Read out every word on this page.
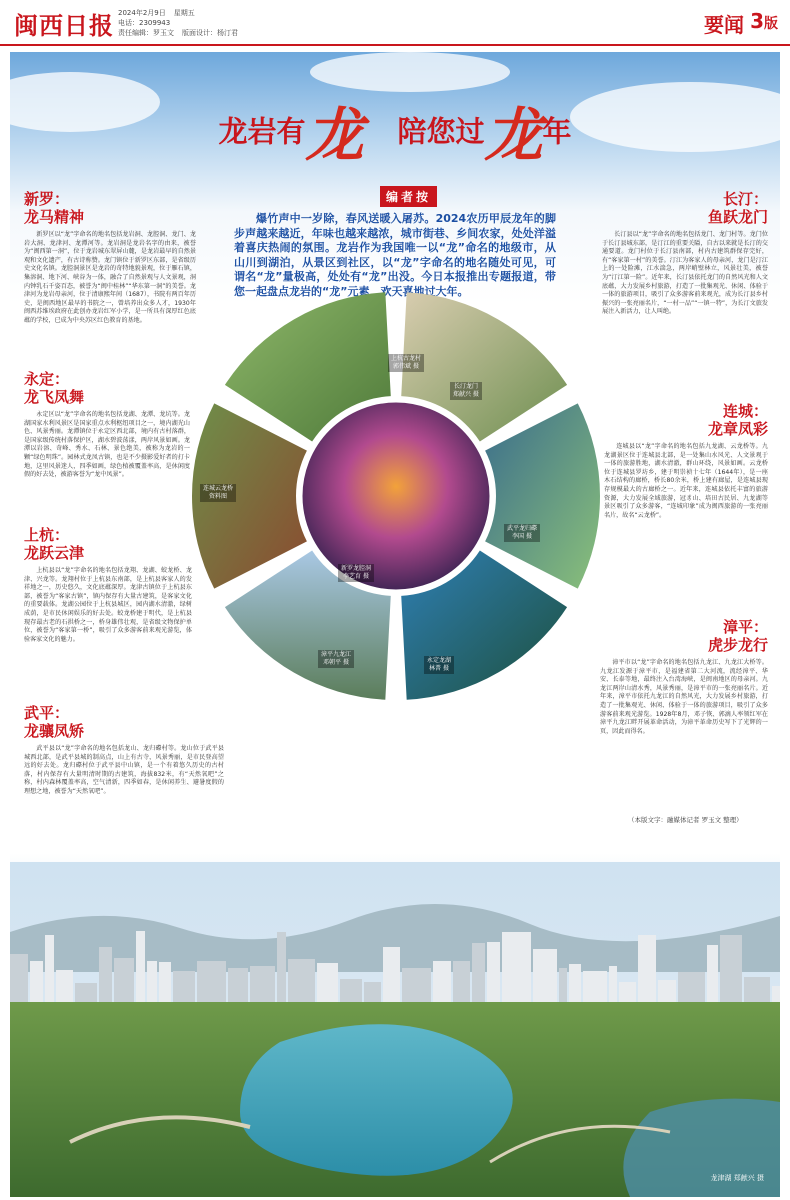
闽西日报 2024年2月9日 星期五
电话：2309943
责任编辑：罗玉文 版面设计：杨汀君	要闻 3版
龙岩有龙 陪您过龙年
编者按

爆竹声中一岁除，春风送暖入屠苏。2024农历甲辰龙年的脚步声越来越近，年味也越来越浓，城市街巷、乡间农家，处处洋溢着喜庆热闹的氛围。龙岩作为我国唯一以“龙”命名的地级市，从山川到湖泊，从景区到社区，以“龙”字命名的地名随处可见，可谓名“龙”量极高，处处有“龙”出没。今日本报推出专题报道，带您一起盘点龙岩的“龙”元素，欢天喜地过大年。

新罗：
龙马精神

新罗区以“龙”字命名的地名包括龙岩洞、龙腔洞、龙门、龙岩大洞、龙津河、龙潭河等。龙岩洞是龙岩名字的由来，被誉为“闽西第一洞”，位于龙岩城东翠屏山麓，是龙岩最早的自然景观和文化遗产，有古诗称赞。龙门镇位于新罗区东部，是省级历史文化名镇。龙腔洞景区是龙岩的奇特地貌景观，位于雁石镇，集溶洞、地下河、峡谷为一体，融合了自然景观与人文景观，洞内钟乳石千姿百态，被誉为“闽中桂林”“华东第一洞”的美誉。龙津河为龙岩母亲河，位于清康熙年间（1687），书院有两百年历史，是闽西地区最早的书院之一，曾培养出众多人才，1930年闽西苏维埃政府在此创办龙岩红军小学，是一所具有深厚红色底蕴的学校，已成为中央苏区红色教育的基地。

永定：
龙飞凤舞

永定区以“龙”字命名的地名包括龙湖、龙潭、龙坑等。龙湖国家水利风景区是国家重点水利枢纽项目之一，境内湖光山色、风景秀丽。龙潭镇位于永定区西北部，境内有古村落群，是国家级传统村落保护区，湖水碧波荡漾，两岸风景如画。龙潭以岩溶、奇峰、秀水、石林、景色绝美，被称为龙岩的一颗“绿色明珠”。园林式龙凤古镇，也是不少摄影爱好者的打卡地，这里风景迷人，四季如画，绿色植被覆盖率高，是休闲度假的好去处，被游客誉为“龙中凤景”。

上杭：
龙跃云津

上杭县以“龙”字命名的地名包括龙翔、龙湖、蛟龙桥、龙津、兴龙等。龙翔村位于上杭县东南部，是上杭县客家人的发祥地之一，历史悠久，文化底蕴深厚。龙津古镇位于上杭县东部，被誉为“客家古镇”，镇内保存有大量古建筑，是客家文化的重要载体。龙湖公园位于上杭县城区，园内湖水清澈，绿树成荫，是市民休闲娱乐的好去处。蛟龙桥建于明代，是上杭县现存最古老的石拱桥之一，桥身雄伟壮观，是省级文物保护单位，被誉为“客家第一桥”，吸引了众多游客前来观光游览，体验客家文化的魅力。

武平：
龙骧凤矫

武平县以“龙”字命名的地名包括龙山、龙归磜村等。龙山位于武平县城西北部，是武平县城的制高点，山上有古寺，风景秀丽，是市民登高望远的好去处。龙归磜村位于武平县中山镇，是一个有着悠久历史的古村落，村内保存有大量明清时期的古建筑，海拔832米，有“天然氧吧”之称，村内森林覆盖率高，空气清新，四季如春，是休闲养生、避暑度假的理想之地，被誉为“天然氧吧”。

长汀：
鱼跃龙门

长汀县以“龙”字命名的地名包括龙门、龙门村等。龙门位于长汀县城东部，是汀江的重要关隘，自古以来就是长汀的交通要道。龙门村位于长汀县南部，村内古建筑群保存完好，有“客家第一村”的美誉。汀江为客家人的母亲河，龙门是汀江上的一处险滩，江水湍急，两岸峭壁林立，风景壮美，被誉为“汀江第一险”。近年来，长汀县依托龙门的自然风光和人文底蕴，大力发展乡村旅游，打造了一批集观光、休闲、体验于一体的旅游项目，吸引了众多游客前来观光，成为长汀县乡村振兴的一张亮丽名片，“一村一品”“一镇一特”，为长汀文旅发展注入新活力，让人叫绝。

连城：
龙章凤彩

连城县以“龙”字命名的地名包括九龙湖、云龙桥等。九龙湖景区位于连城县北部，是一处集山水风光、人文景观于一体的旅游胜地，湖水清澈，群山环绕，风景如画。云龙桥位于连城县罗坊乡，建于明崇祯十七年（1644年），是一座木石结构的廊桥，桥长80余米，桥上建有廊屋，是连城县现存规模最大的古廊桥之一。近年来，连城县依托丰富的旅游资源，大力发展全域旅游，冠豸山、培田古民居、九龙湖等景区吸引了众多游客，“连城印象”成为闽西旅游的一张亮丽名片，故名“云龙桥”。

漳平：
虎步龙行

漳平市以“龙”字命名的地名包括九龙江、九龙江大桥等。九龙江发源于漳平市，是福建省第二大河流，流经漳平、华安、长泰等地，最终注入台湾海峡，是闽南地区的母亲河。九龙江两岸山清水秀，风景秀丽，是漳平市的一张亮丽名片。近年来，漳平市依托九龙江的自然风光，大力发展乡村旅游，打造了一批集观光、休闲、体验于一体的旅游项目，吸引了众多游客前来观光游览。1928年8月，邓子恢、郭滴人率领红军在漳平九龙江畔开展革命活动，为漳平革命历史写下了光辉的一页，因此而得名。

长汀龙门
郑献兴 摄
上杭古龙村
郭伟斌 摄
武平龙归磜
李国 摄
永定龙湖
林普 摄
漳平九龙江
邓朝平 摄
连城云龙桥
资料图
新罗龙腔洞
李艺育 摄
（本版文字：融媒体记者 罗玉文 整理）
龙津湖 郑献兴 摄
